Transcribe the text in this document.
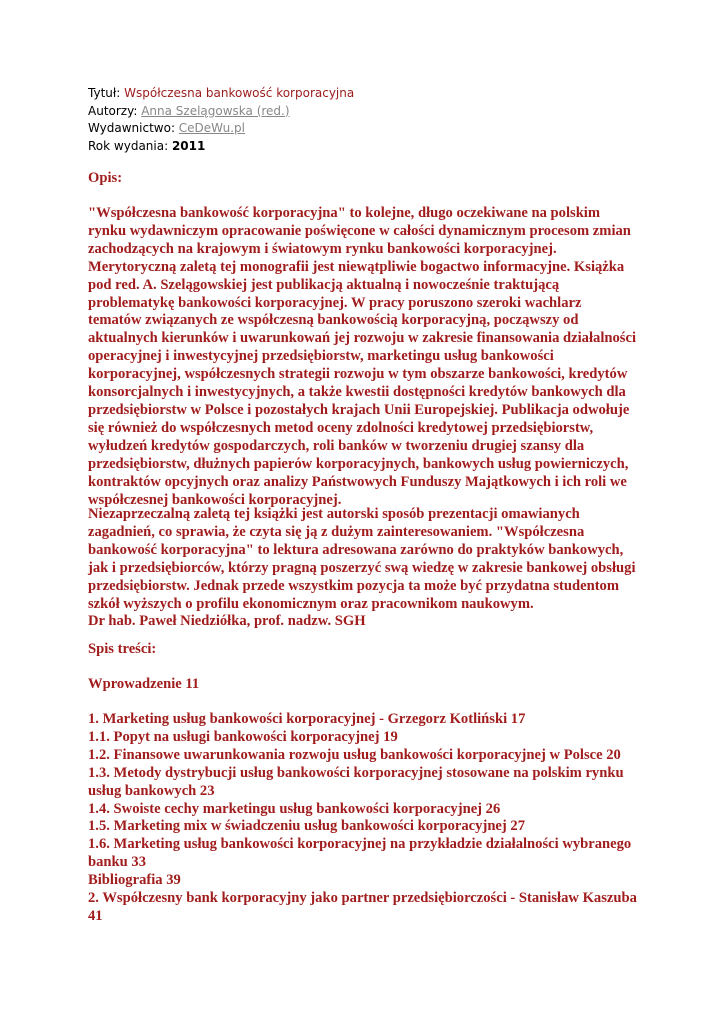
Tytuł: Współczesna bankowość korporacyjna
Autorzy: Anna Szelągowska (red.)
Wydawnictwo: CeDeWu.pl
Rok wydania: 2011
Opis:
"Współczesna bankowość korporacyjna" to kolejne, długo oczekiwane na polskim
rynku wydawniczym opracowanie poświęcone w całości dynamicznym procesom zmian
zachodzących na krajowym i światowym rynku bankowości korporacyjnej.
Merytoryczną zaletą tej monografii jest niewątpliwie bogactwo informacyjne. Książka
pod red. A. Szelągowskiej jest publikacją aktualną i nowocześnie traktującą
problematykę bankowości korporacyjnej. W pracy poruszono szeroki wachlarz
tematów związanych ze współczesną bankowością korporacyjną, począwszy od
aktualnych kierunków i uwarunkowań jej rozwoju w zakresie finansowania działalności
operacyjnej i inwestycyjnej przedsiębiorstw, marketingu usług bankowości
korporacyjnej, współczesnych strategii rozwoju w tym obszarze bankowości, kredytów
konsorcjalnych i inwestycyjnych, a także kwestii dostępności kredytów bankowych dla
przedsiębiorstw w Polsce i pozostałych krajach Unii Europejskiej. Publikacja odwołuje
się również do współczesnych metod oceny zdolności kredytowej przedsiębiorstw,
wyłudzeń kredytów gospodarczych, roli banków w tworzeniu drugiej szansy dla
przedsiębiorstw, dłużnych papierów korporacyjnych, bankowych usług powierniczych,
kontraktów opcyjnych oraz analizy Państwowych Funduszy Majątkowych i ich roli we
współczesnej bankowości korporacyjnej.
Niezaprzeczalną zaletą tej książki jest autorski sposób prezentacji omawianych
zagadnień, co sprawia, że czyta się ją z dużym zainteresowaniem. "Współczesna
bankowość korporacyjna" to lektura adresowana zarówno do praktyków bankowych,
jak i przedsiębiorców, którzy pragną poszerzyć swą wiedzę w zakresie bankowej obsługi
przedsiębiorstw. Jednak przede wszystkim pozycja ta może być przydatna studentom
szkół wyższych o profilu ekonomicznym oraz pracownikom naukowym.
Dr hab. Paweł Niedziółka, prof. nadzw. SGH
Spis treści:
Wprowadzenie 11
1. Marketing usług bankowości korporacyjnej - Grzegorz Kotliński 17
1.1. Popyt na usługi bankowości korporacyjnej 19
1.2. Finansowe uwarunkowania rozwoju usług bankowości korporacyjnej w Polsce 20
1.3. Metody dystrybucji usług bankowości korporacyjnej stosowane na polskim rynku
usług bankowych 23
1.4. Swoiste cechy marketingu usług bankowości korporacyjnej 26
1.5. Marketing mix w świadczeniu usług bankowości korporacyjnej 27
1.6. Marketing usług bankowości korporacyjnej na przykładzie działalności wybranego
banku 33
Bibliografia 39
2. Współczesny bank korporacyjny jako partner przedsiębiorczości - Stanisław Kaszuba
41
